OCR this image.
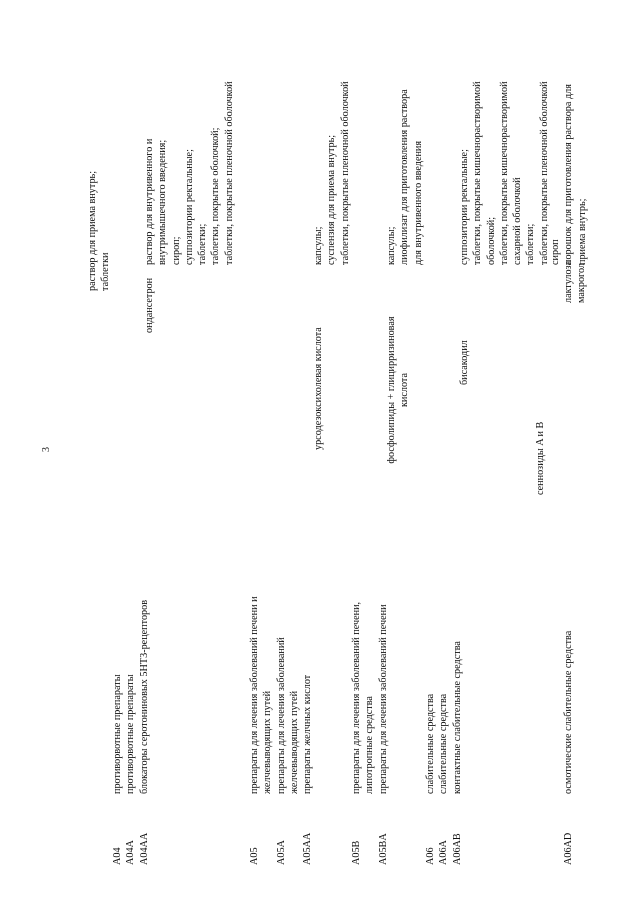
3
A04
A04A
A04AA
противорвотные препараты
противорвотные препараты
блокаторы серотониновых 5HT3-рецепторов
ондансетрон
раствор для приема внутрь;
таблетки
раствор для внутривенного и
внутримышечного введения;
сироп;
суппозитории ректальные;
таблетки;
таблетки, покрытые оболочкой;
таблетки, покрытые пленочной оболочкой
A05

A05A

A05AA
препараты для лечения заболеваний печени и
желчевыводящих путей
препараты для лечения заболеваний
желчевыводящих путей
препараты желчных кислот
урсодезоксихолевая кислота
капсулы;
суспензия для приема внутрь;
таблетки, покрытые пленочной оболочкой
A05B

A05BA
препараты для лечения заболеваний печени,
липотропные средства
препараты для лечения заболеваний печени
фосфолипиды + глицирризиновая
кислота
капсулы;
лиофилизат для приготовления раствора
для внутривенного введения
A06
A06A
A06AB
слабительные средства
слабительные средства
контактные слабительные средства
бисакодил
сеннозиды A и B
суппозитории ректальные;
таблетки, покрытые кишечнорастворимой
оболочкой;
таблетки, покрытые кишечнорастворимой
сахарной оболочкой
таблетки; таблетки, покрытые пленочной оболочкой
A06AD
осмотические слабительные средства
лактулоза
макрогол
сироп
порошок для приготовления раствора для
приема внутрь;
